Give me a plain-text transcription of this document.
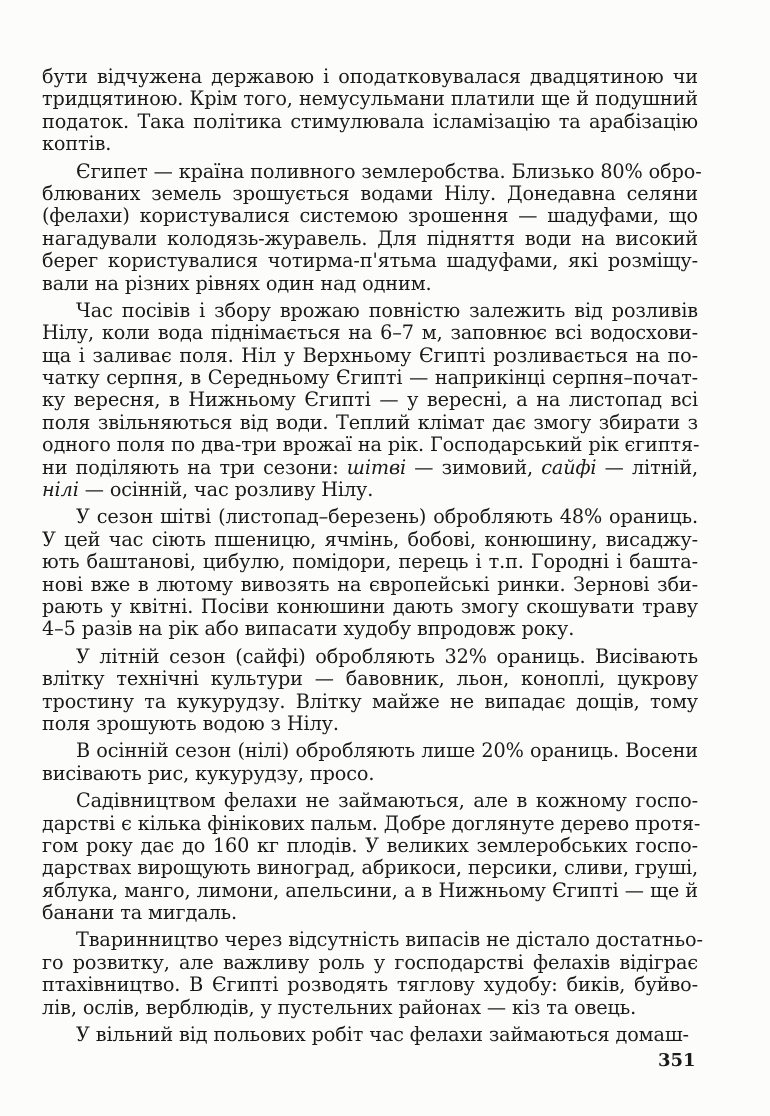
бути відчужена державою і оподатковувалася двадцятиною чи
тридцятиною. Крім того, немусульмани платили ще й подушний
податок. Така політика стимулювала ісламізацію та арабізацію
коптів.
Єгипет — країна поливного землеробства. Близько 80% обро-
блюваних земель зрошується водами Нілу. Донедавна селяни
(фелахи) користувалися системою зрошення — шадуфами, що
нагадували колодязь-журавель. Для підняття води на високий
берег користувалися чотирма-п'ятьма шадуфами, які розміщу-
вали на різних рівнях один над одним.
Час посівів і збору врожаю повністю залежить від розливів
Нілу, коли вода піднімається на 6–7 м, заповнює всі водосхови-
ща і заливає поля. Ніл у Верхньому Єгипті розливається на по-
чатку серпня, в Середньому Єгипті — наприкінці серпня–почат-
ку вересня, в Нижньому Єгипті — у вересні, а на листопад всі
поля звільняються від води. Теплий клімат дає змогу збирати з
одного поля по два-три врожаї на рік. Господарський рік єгиптя-
ни поділяють на три сезони: шітві — зимовий, сайфі — літній,
нілі — осінній, час розливу Нілу.
У сезон шітві (листопад–березень) обробляють 48% ораниць.
У цей час сіють пшеницю, ячмінь, бобові, конюшину, висаджу-
ють баштанові, цибулю, помідори, перець і т.п. Городні і башта-
нові вже в лютому вивозять на європейські ринки. Зернові зби-
рають у квітні. Посіви конюшини дають змогу скошувати траву
4–5 разів на рік або випасати худобу впродовж року.
У літній сезон (сайфі) обробляють 32% ораниць. Висівають
влітку технічні культури — бавовник, льон, коноплі, цукрову
тростину та кукурудзу. Влітку майже не випадає дощів, тому
поля зрошують водою з Нілу.
В осінній сезон (нілі) обробляють лише 20% ораниць. Восени
висівають рис, кукурудзу, просо.
Садівництвом фелахи не займаються, але в кожному госпо-
дарстві є кілька фінікових пальм. Добре доглянуте дерево протя-
гом року дає до 160 кг плодів. У великих землеробських госпо-
дарствах вирощують виноград, абрикоси, персики, сливи, груші,
яблука, манго, лимони, апельсини, а в Нижньому Єгипті — ще й
банани та мигдаль.
Тваринництво через відсутність випасів не дістало достатньо-
го розвитку, але важливу роль у господарстві фелахів відіграє
птахівництво. В Єгипті розводять тяглову худобу: биків, буйво-
лів, ослів, верблюдів, у пустельних районах — кіз та овець.
У вільний від польових робіт час фелахи займаються домаш-
351
